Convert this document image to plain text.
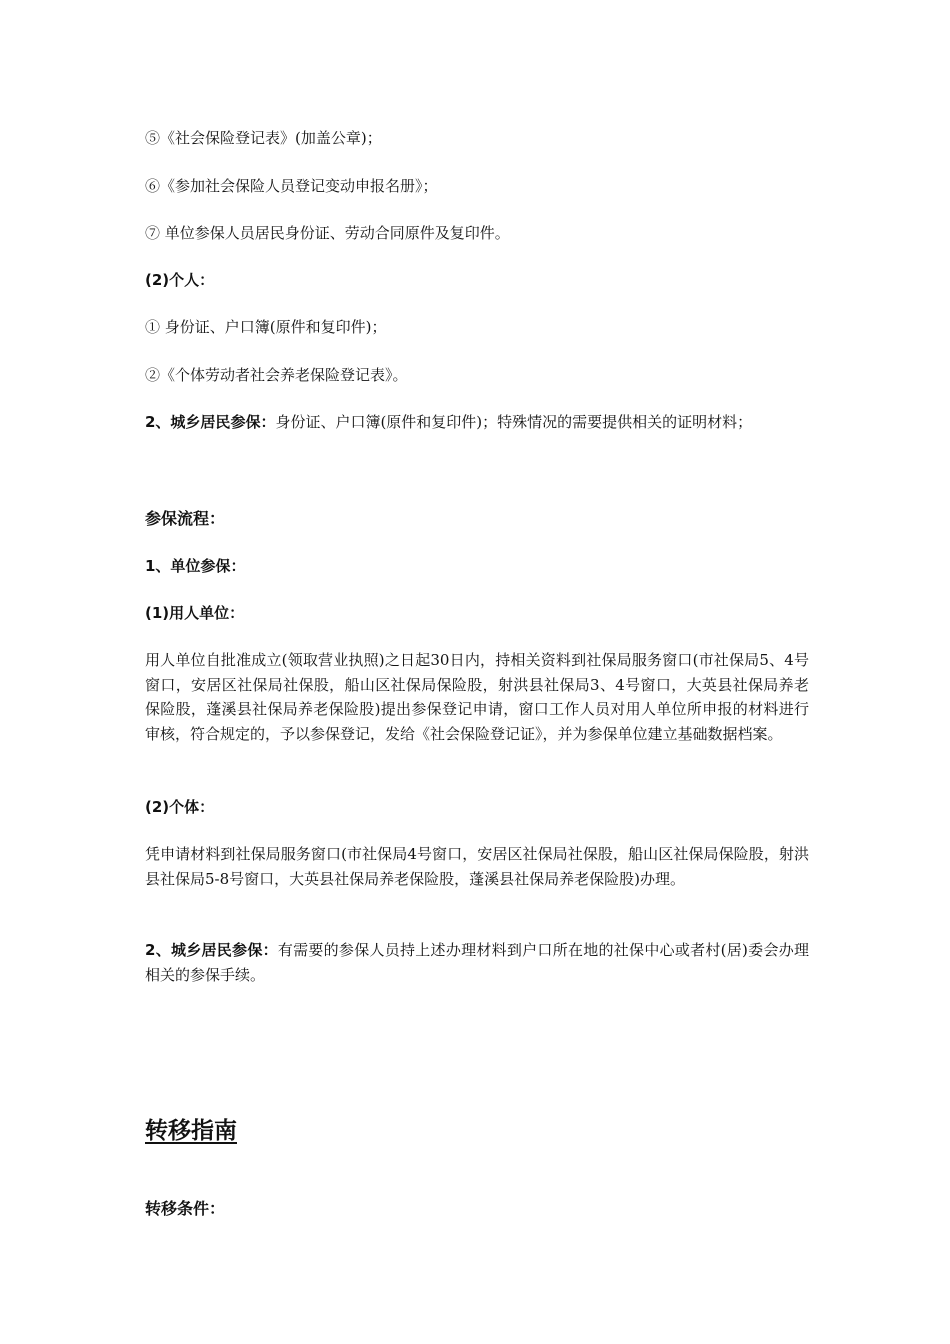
⑤《社会保险登记表》(加盖公章)；
⑥《参加社会保险人员登记变动申报名册》；
⑦ 单位参保人员居民身份证、劳动合同原件及复印件。
(2)个人：
① 身份证、户口簿(原件和复印件)；
②《个体劳动者社会养老保险登记表》。
2、城乡居民参保：身份证、户口簿(原件和复印件)；特殊情况的需要提供相关的证明材料；
参保流程：
1、单位参保：
(1)用人单位：
用人单位自批准成立(领取营业执照)之日起30日内，持相关资料到社保局服务窗口(市社保局5、4号窗口，安居区社保局社保股，船山区社保局保险股，射洪县社保局3、4号窗口，大英县社保局养老保险股，蓬溪县社保局养老保险股)提出参保登记申请，窗口工作人员对用人单位所申报的材料进行审核，符合规定的，予以参保登记，发给《社会保险登记证》，并为参保单位建立基础数据档案。
(2)个体：
凭申请材料到社保局服务窗口(市社保局4号窗口，安居区社保局社保股，船山区社保局保险股，射洪县社保局5-8号窗口，大英县社保局养老保险股，蓬溪县社保局养老保险股)办理。
2、城乡居民参保：有需要的参保人员持上述办理材料到户口所在地的社保中心或者村(居)委会办理相关的参保手续。
转移指南
转移条件：
